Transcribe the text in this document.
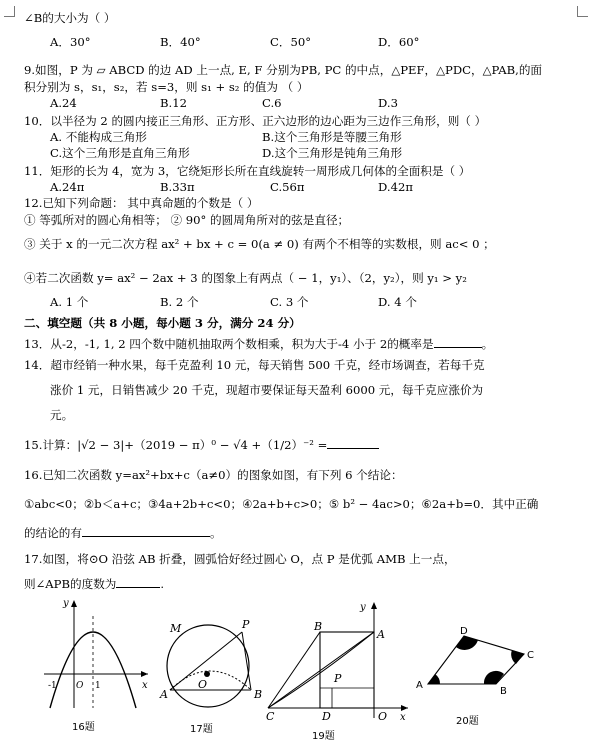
∠B的大小为（ ）
A．30°	B．40°	C．50°	D．60°
9.如图，P 为 ▱ ABCD 的边 AD 上一点, E, F 分别为PB, PC 的中点，△PEF，△PDC，△PAB,的面
积分别为 s，s₁，s₂，若 s=3，则 s₁ + s₂ 的值为 （ ）
A.24	B.12	C.6	D.3
10．以半径为 2 的圆内接正三角形、正方形、正六边形的边心距为三边作三角形，则（ ）
A. 不能构成三角形	B.这个三角形是等腰三角形
C.这个三角形是直角三角形	D.这个三角形是钝角三角形
11．矩形的长为 4，宽为 3，它绕矩形长所在直线旋转一周形成几何体的全面积是（ ）
A.24π	B.33π	C.56π	D.42π
12.已知下列命题： 其中真命题的个数是（ ）
① 等弧所对的圆心角相等； ② 90° 的圆周角所对的弦是直径；
③ 关于 x 的一元二次方程 ax² + bx + c = 0(a ≠ 0) 有两个不相等的实数根，则 ac< 0 ；
④若二次函数 y= ax² − 2ax + 3 的图象上有两点（ − 1，y₁）、（2，y₂），则 y₁ > y₂
A. 1 个	B. 2 个	C. 3 个	D. 4 个
二、填空题（共 8 小题，每小题 3 分，满分 24 分）
13．从-2，-1, 1, 2 四个数中随机抽取两个数相乘，积为大于-4 小于 2的概率是	。
14．超市经销一种水果，每千克盈利 10 元，每天销售 500 千克，经市场调查，若每千克
涨价 1 元，日销售减少 20 千克，现超市要保证每天盈利 6000 元，每千克应涨价为
元。
15.计算：|√2 − 3|+（2019 − π）⁰ − √4 +（1/2）⁻² =
16.已知二次函数 y=ax²+bx+c（a≠0）的图象如图，有下列 6 个结论：
①abc<0；②b＜a+c；③4a+2b+c<0；④2a+b+c>0；⑤ b² − 4ac>0；⑥2a+b=0．其中正确
的结论的有	。
17.如图，将⊙O 沿弦 AB 折叠，圆弧恰好经过圆心 O，点 P 是优弧 AMB 上一点，
则∠APB的度数为	.
y
x
-1 O 1
16题
M	P
O
A	B
17题
B
A
P
C	D	O x
y
19题
D
C
A
B
20题
